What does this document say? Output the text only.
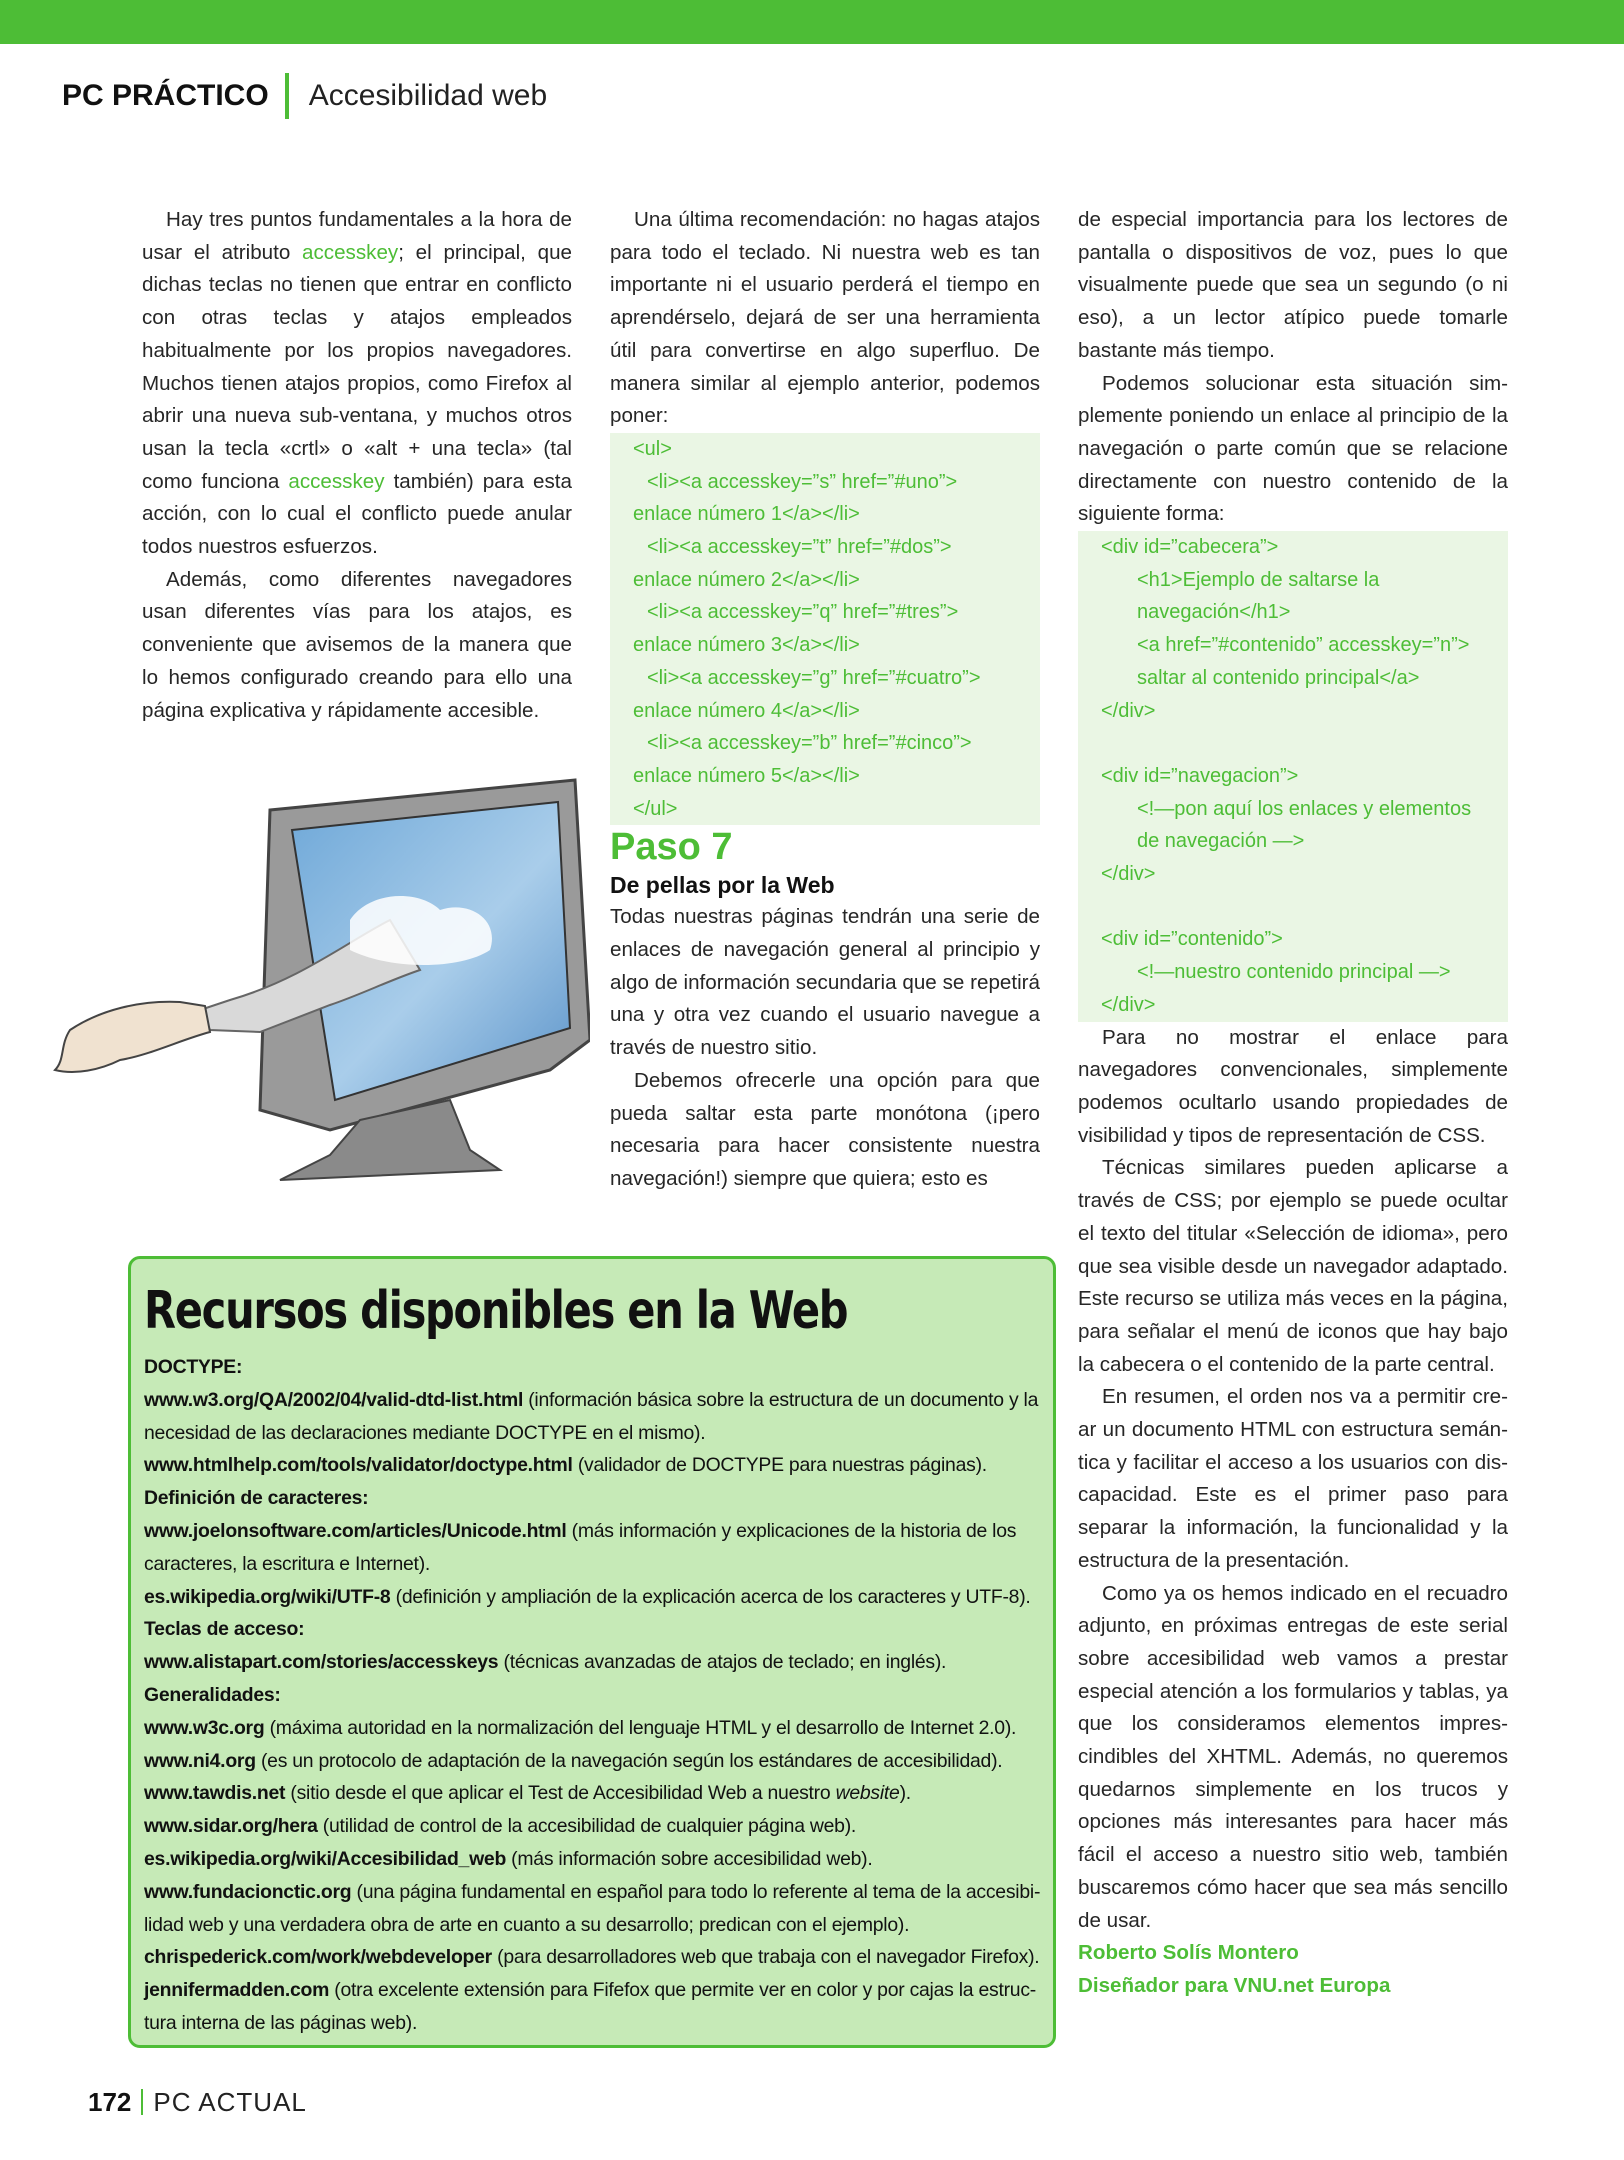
PC PRÁCTICO Accesibilidad web

Hay tres puntos fundamentales a la hora de usar el atributo accesskey; el principal, que dichas teclas no tienen que entrar en conflicto con otras teclas y atajos empleados habitualmente por los propios navegadores. Muchos tienen atajos propios, como Firefox al abrir una nueva sub-ventana, y muchos otros usan la tecla «crtl» o «alt + una tecla» (tal como funciona accesskey también) para esta acción, con lo cual el conflicto puede anular todos nuestros esfuerzos.

Además, como diferentes navegadores usan diferentes vías para los atajos, es conveniente que avisemos de la manera que lo hemos configurado creando para ello una página explicativa y rápidamente accesible.

Una última recomendación: no hagas atajos para todo el teclado. Ni nuestra web es tan importante ni el usuario perderá el tiempo en aprendérselo, dejará de ser una herramienta útil para convertirse en algo superfluo. De manera similar al ejemplo anterior, podemos poner:

<ul>
<li><a accesskey=”s” href=”#uno”>
enlace número 1</a></li>
<li><a accesskey=”t” href=”#dos”>
enlace número 2</a></li>
<li><a accesskey=”q” href=”#tres”>
enlace número 3</a></li>
<li><a accesskey=”g” href=”#cuatro”>
enlace número 4</a></li>
<li><a accesskey=”b” href=”#cinco”>
enlace número 5</a></li>
</ul>

Paso 7

De pellas por la Web

Todas nuestras páginas tendrán una serie de enlaces de navegación general al principio y algo de información secundaria que se repetirá una y otra vez cuando el usuario navegue a través de nuestro sitio.

Debemos ofrecerle una opción para que pueda saltar esta parte monótona (¡pero necesaria para hacer consistente nuestra navegación!) siempre que quiera; esto es

de especial importancia para los lectores de pantalla o dispositivos de voz, pues lo que visualmente puede que sea un segundo (o ni eso), a un lector atípico puede tomarle bastante más tiempo.

Podemos solucionar esta situación simplemente poniendo un enlace al principio de la navegación o parte común que se relacione directamente con nuestro contenido de la siguiente forma:

<div id=”cabecera”>
<h1>Ejemplo de saltarse la
navegación</h1>
<a href=”#contenido” accesskey=”n”>
saltar al contenido principal</a>
</div>

<div id=”navegacion”>
<!—pon aquí los enlaces y elementos
de navegación —>
</div>

<div id=”contenido”>
<!—nuestro contenido principal —>
</div>

Para no mostrar el enlace para navegadores convencionales, simplemente podemos ocultarlo usando propiedades de visibilidad y tipos de representación de CSS.

Técnicas similares pueden aplicarse a través de CSS; por ejemplo se puede ocultar el texto del titular «Selección de idioma», pero que sea visible desde un navegador adaptado. Este recurso se utiliza más veces en la página, para señalar el menú de iconos que hay bajo la cabecera o el contenido de la parte central.

En resumen, el orden nos va a permitir crear un documento HTML con estructura semántica y facilitar el acceso a los usuarios con discapacidad. Este es el primer paso para separar la información, la funcionalidad y la estructura de la presentación.

Como ya os hemos indicado en el recuadro adjunto, en próximas entregas de este serial sobre accesibilidad web vamos a prestar especial atención a los formularios y tablas, ya que los consideramos elementos imprescindibles del XHTML. Además, no queremos quedarnos simplemente en los trucos y opciones más interesantes para hacer más fácil el acceso a nuestro sitio web, también buscaremos cómo hacer que sea más sencillo de usar.

Roberto Solís Montero

Diseñador para VNU.net Europa

Recursos disponibles en la Web
DOCTYPE:
www.w3.org/QA/2002/04/valid-dtd-list.html (información básica sobre la estructura de un documento y la necesidad de las declaraciones mediante DOCTYPE en el mismo).
www.htmlhelp.com/tools/validator/doctype.html (validador de DOCTYPE para nuestras páginas).
Definición de caracteres:
www.joelonsoftware.com/articles/Unicode.html (más información y explicaciones de la historia de los caracteres, la escritura e Internet).
es.wikipedia.org/wiki/UTF-8 (definición y ampliación de la explicación acerca de los caracteres y UTF-8).
Teclas de acceso:
www.alistapart.com/stories/accesskeys (técnicas avanzadas de atajos de teclado; en inglés).
Generalidades:
www.w3c.org (máxima autoridad en la normalización del lenguaje HTML y el desarrollo de Internet 2.0).
www.ni4.org (es un protocolo de adaptación de la navegación según los estándares de accesibilidad).
www.tawdis.net (sitio desde el que aplicar el Test de Accesibilidad Web a nuestro website).
www.sidar.org/hera (utilidad de control de la accesibilidad de cualquier página web).
es.wikipedia.org/wiki/Accesibilidad_web (más información sobre accesibilidad web).
www.fundacionctic.org (una página fundamental en español para todo lo referente al tema de la accesibilidad web y una verdadera obra de arte en cuanto a su desarrollo; predican con el ejemplo).
chrispederick.com/work/webdeveloper (para desarrolladores web que trabaja con el navegador Firefox).
jennifermadden.com (otra excelente extensión para Fifefox que permite ver en color y por cajas la estructura interna de las páginas web).
172 PC ACTUAL
